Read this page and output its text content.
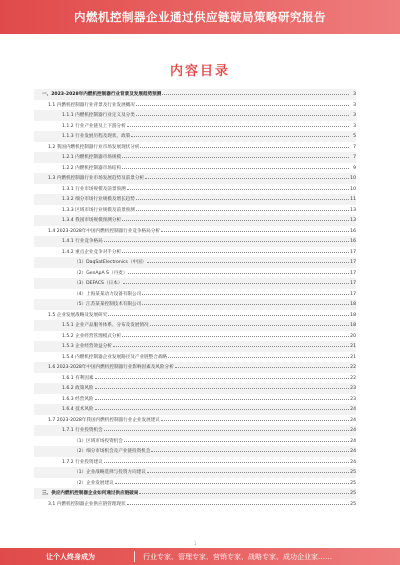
内燃机控制器企业通过供应链破局策略研究报告
内容目录
一、2023-2028年内燃机控制器行业背景及发展趋势预测	3
1.1 内燃机控制器行业背景及行业发展概况	3
1.1.1 内燃机控制器行业定义及分类	3
1.1.2 行业产业链及上下游分析	3
1.1.3 行业发展历程及现状、政策	5
1.2 我国内燃机控制器行业市场发展现状分析	7
1.2.1 内燃机控制器市场规模	7
1.2.2 内燃机控制器市场结构	9
1.3 内燃机控制器行业市场发展趋势及前景分析	10
1.3.1 行业市场规模及前景预测	10
1.3.2 细分市场行业规模及增长趋势	11
1.3.3 区域市场行业规模及前景预测	13
1.3.4 我国市场规模预测分析	13
1.4 2023-2028年中国内燃机控制器行业竞争格局分析	16
1.4.1 行业竞争格局	16
1.4.2 重点企业竞争对手分析	17
（1）DaqSatElectronics（中国）	17
（2）GenApA S（丹麦）	17
（3）DEFACS（日本）	17
（4）上海某某动力设备有限公司	17
（5）江苏某某控制技术有限公司	18
1.5 企业发展战略及发展研究	18
1.5.1 企业产品服务体系、分布及发展情况	18
1.5.2 企业经营管理模式分析	20
1.5.3 企业经营效益分析	21
1.5.4 内燃机控制器企业发展路径及产业链整合战略	21
1.6 2023-2028年中国内燃机控制器行业影响因素及风险分析	22
1.6.1 有利因素	22
1.6.2 政策风险	23
1.6.3 经营风险	23
1.6.4 技术风险	24
1.7 2023-2028年我国内燃机控制器行业企业发展建议	24
1.7.1 行业投资机会	24
（1）区域市场投资机会	24
（2）细分市场机会及产业链投资机会	24
1.7.2 行业投资建议	24
（1）企业战略选择与投资方向建议	25
（2）企业发展建议	25
三、供应内燃机控制器企业如何通过供应链破局	25
3.1 内燃机控制器企业供应链管理现状	25
1
让个人终身成为	行业专家、管理专家、营销专家、战略专家、成功企业家……
